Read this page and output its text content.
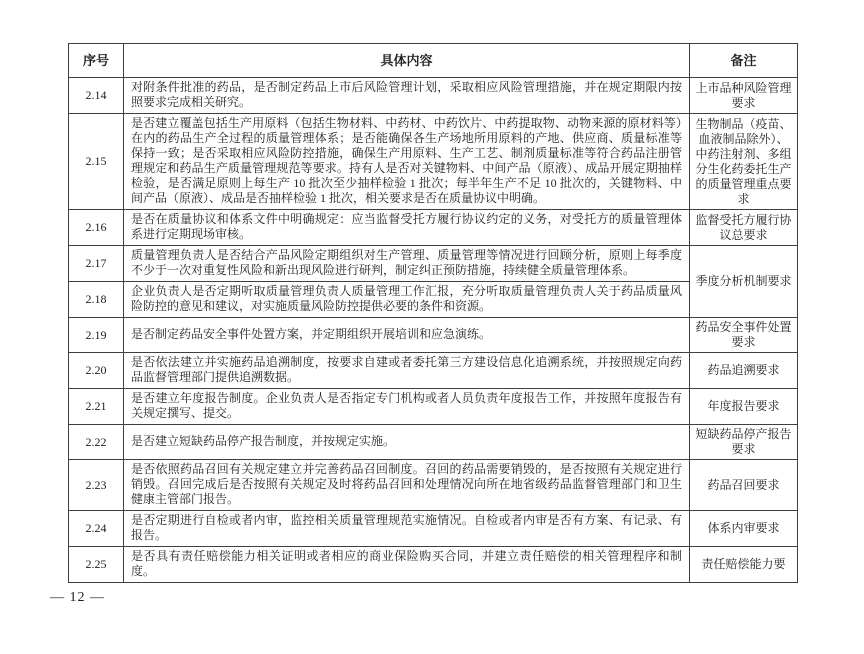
序号	具体内容	备注
2.14	对附条件批准的药品，是否制定药品上市后风险管理计划，采取相应风险管理措施，并在规定期限内按照要求完成相关研究。	上市品种风险管理要求
2.15	是否建立覆盖包括生产用原料（包括生物材料、中药材、中药饮片、中药提取物、动物来源的原材料等）在内的药品生产全过程的质量管理体系；是否能确保各生产场地所用原料的产地、供应商、质量标准等保持一致；是否采取相应风险防控措施，确保生产用原料、生产工艺、制剂质量标准等符合药品注册管理规定和药品生产质量管理规范等要求。持有人是否对关键物料、中间产品（原液）、成品开展定期抽样检验，是否满足原则上每生产 10 批次至少抽样检验 1 批次；每半年生产不足 10 批次的，关键物料、中间产品（原液）、成品是否抽样检验 1 批次，相关要求是否在质量协议中明确。	生物制品（疫苗、血液制品除外）、中药注射剂、多组分生化药委托生产的质量管理重点要求
2.16	是否在质量协议和体系文件中明确规定：应当监督受托方履行协议约定的义务，对受托方的质量管理体系进行定期现场审核。	监督受托方履行协议总要求
2.17	质量管理负责人是否结合产品风险定期组织对生产管理、质量管理等情况进行回顾分析，原则上每季度不少于一次对重复性风险和新出现风险进行研判，制定纠正预防措施，持续健全质量管理体系。	季度分析机制要求
2.18	企业负责人是否定期听取质量管理负责人质量管理工作汇报，充分听取质量管理负责人关于药品质量风险防控的意见和建议，对实施质量风险防控提供必要的条件和资源。	
2.19	是否制定药品安全事件处置方案，并定期组织开展培训和应急演练。	药品安全事件处置要求
2.20	是否依法建立并实施药品追溯制度，按要求自建或者委托第三方建设信息化追溯系统，并按照规定向药品监督管理部门提供追溯数据。	药品追溯要求
2.21	是否建立年度报告制度。企业负责人是否指定专门机构或者人员负责年度报告工作，并按照年度报告有关规定撰写、提交。	年度报告要求
2.22	是否建立短缺药品停产报告制度，并按规定实施。	短缺药品停产报告要求
2.23	是否依照药品召回有关规定建立并完善药品召回制度。召回的药品需要销毁的，是否按照有关规定进行销毁。召回完成后是否按照有关规定及时将药品召回和处理情况向所在地省级药品监督管理部门和卫生健康主管部门报告。	药品召回要求
2.24	是否定期进行自检或者内审，监控相关质量管理规范实施情况。自检或者内审是否有方案、有记录、有报告。	体系内审要求
2.25	是否具有责任赔偿能力相关证明或者相应的商业保险购买合同，并建立责任赔偿的相关管理程序和制度。	责任赔偿能力要
— 12 —
